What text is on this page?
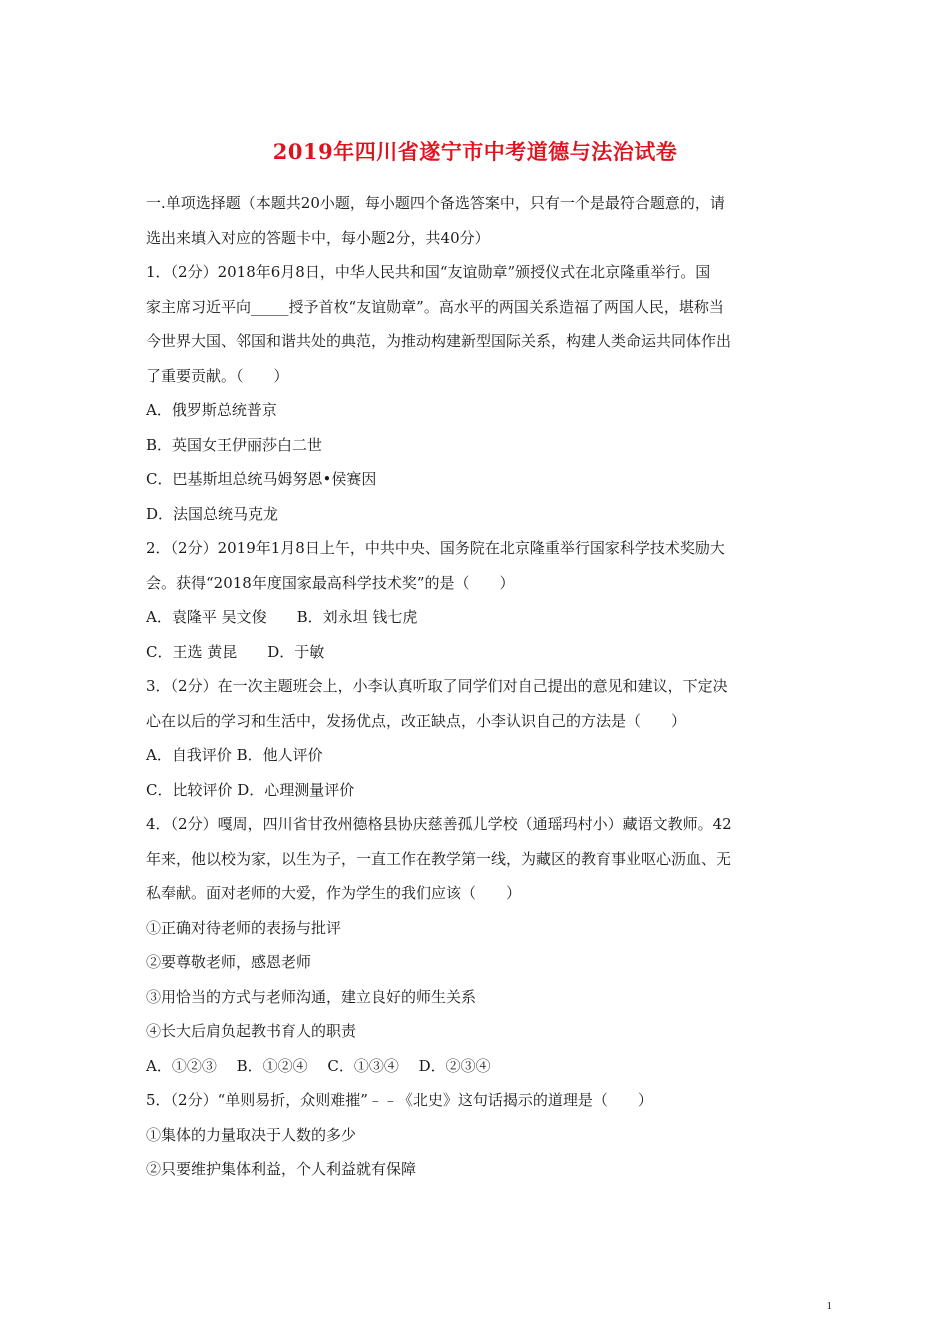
2019年四川省遂宁市中考道德与法治试卷
一.单项选择题（本题共20小题，每小题四个备选答案中，只有一个是最符合题意的，请
选出来填入对应的答题卡中，每小题2分，共40分）
1．（2分）2018年6月8日，中华人民共和国“友谊勋章”颁授仪式在北京隆重举行。国
家主席习近平向_____授予首枚“友谊勋章”。高水平的两国关系造福了两国人民，堪称当
今世界大国、邻国和谐共处的典范，为推动构建新型国际关系，构建人类命运共同体作出
了重要贡献。（　　）
A．俄罗斯总统普京
B．英国女王伊丽莎白二世
C．巴基斯坦总统马姆努恩•侯赛因
D．法国总统马克龙
2．（2分）2019年1月8日上午，中共中央、国务院在北京隆重举行国家科学技术奖励大
会。获得“2018年度国家最高科学技术奖”的是（　　）
A．袁隆平 吴文俊　　B．刘永坦 钱七虎
C．王选 黄昆　　D．于敏
3．（2分）在一次主题班会上，小李认真听取了同学们对自己提出的意见和建议，下定决
心在以后的学习和生活中，发扬优点，改正缺点，小李认识自己的方法是（　　）
A．自我评价 B．他人评价
C．比较评价 D．心理测量评价
4．（2分）嘎周，四川省甘孜州德格县协庆慈善孤儿学校（通瑶玛村小）藏语文教师。42
年来，他以校为家，以生为子，一直工作在教学第一线，为藏区的教育事业呕心沥血、无
私奉献。面对老师的大爱，作为学生的我们应该（　　）
①正确对待老师的表扬与批评
②要尊敬老师，感恩老师
③用恰当的方式与老师沟通，建立良好的师生关系
④长大后肩负起教书育人的职责
A．①②③　 B．①②④　 C．①③④　 D．②③④
5．（2分）“单则易折，众则难摧”﹣﹣《北史》这句话揭示的道理是（　　）
①集体的力量取决于人数的多少
②只要维护集体利益，个人利益就有保障
1
